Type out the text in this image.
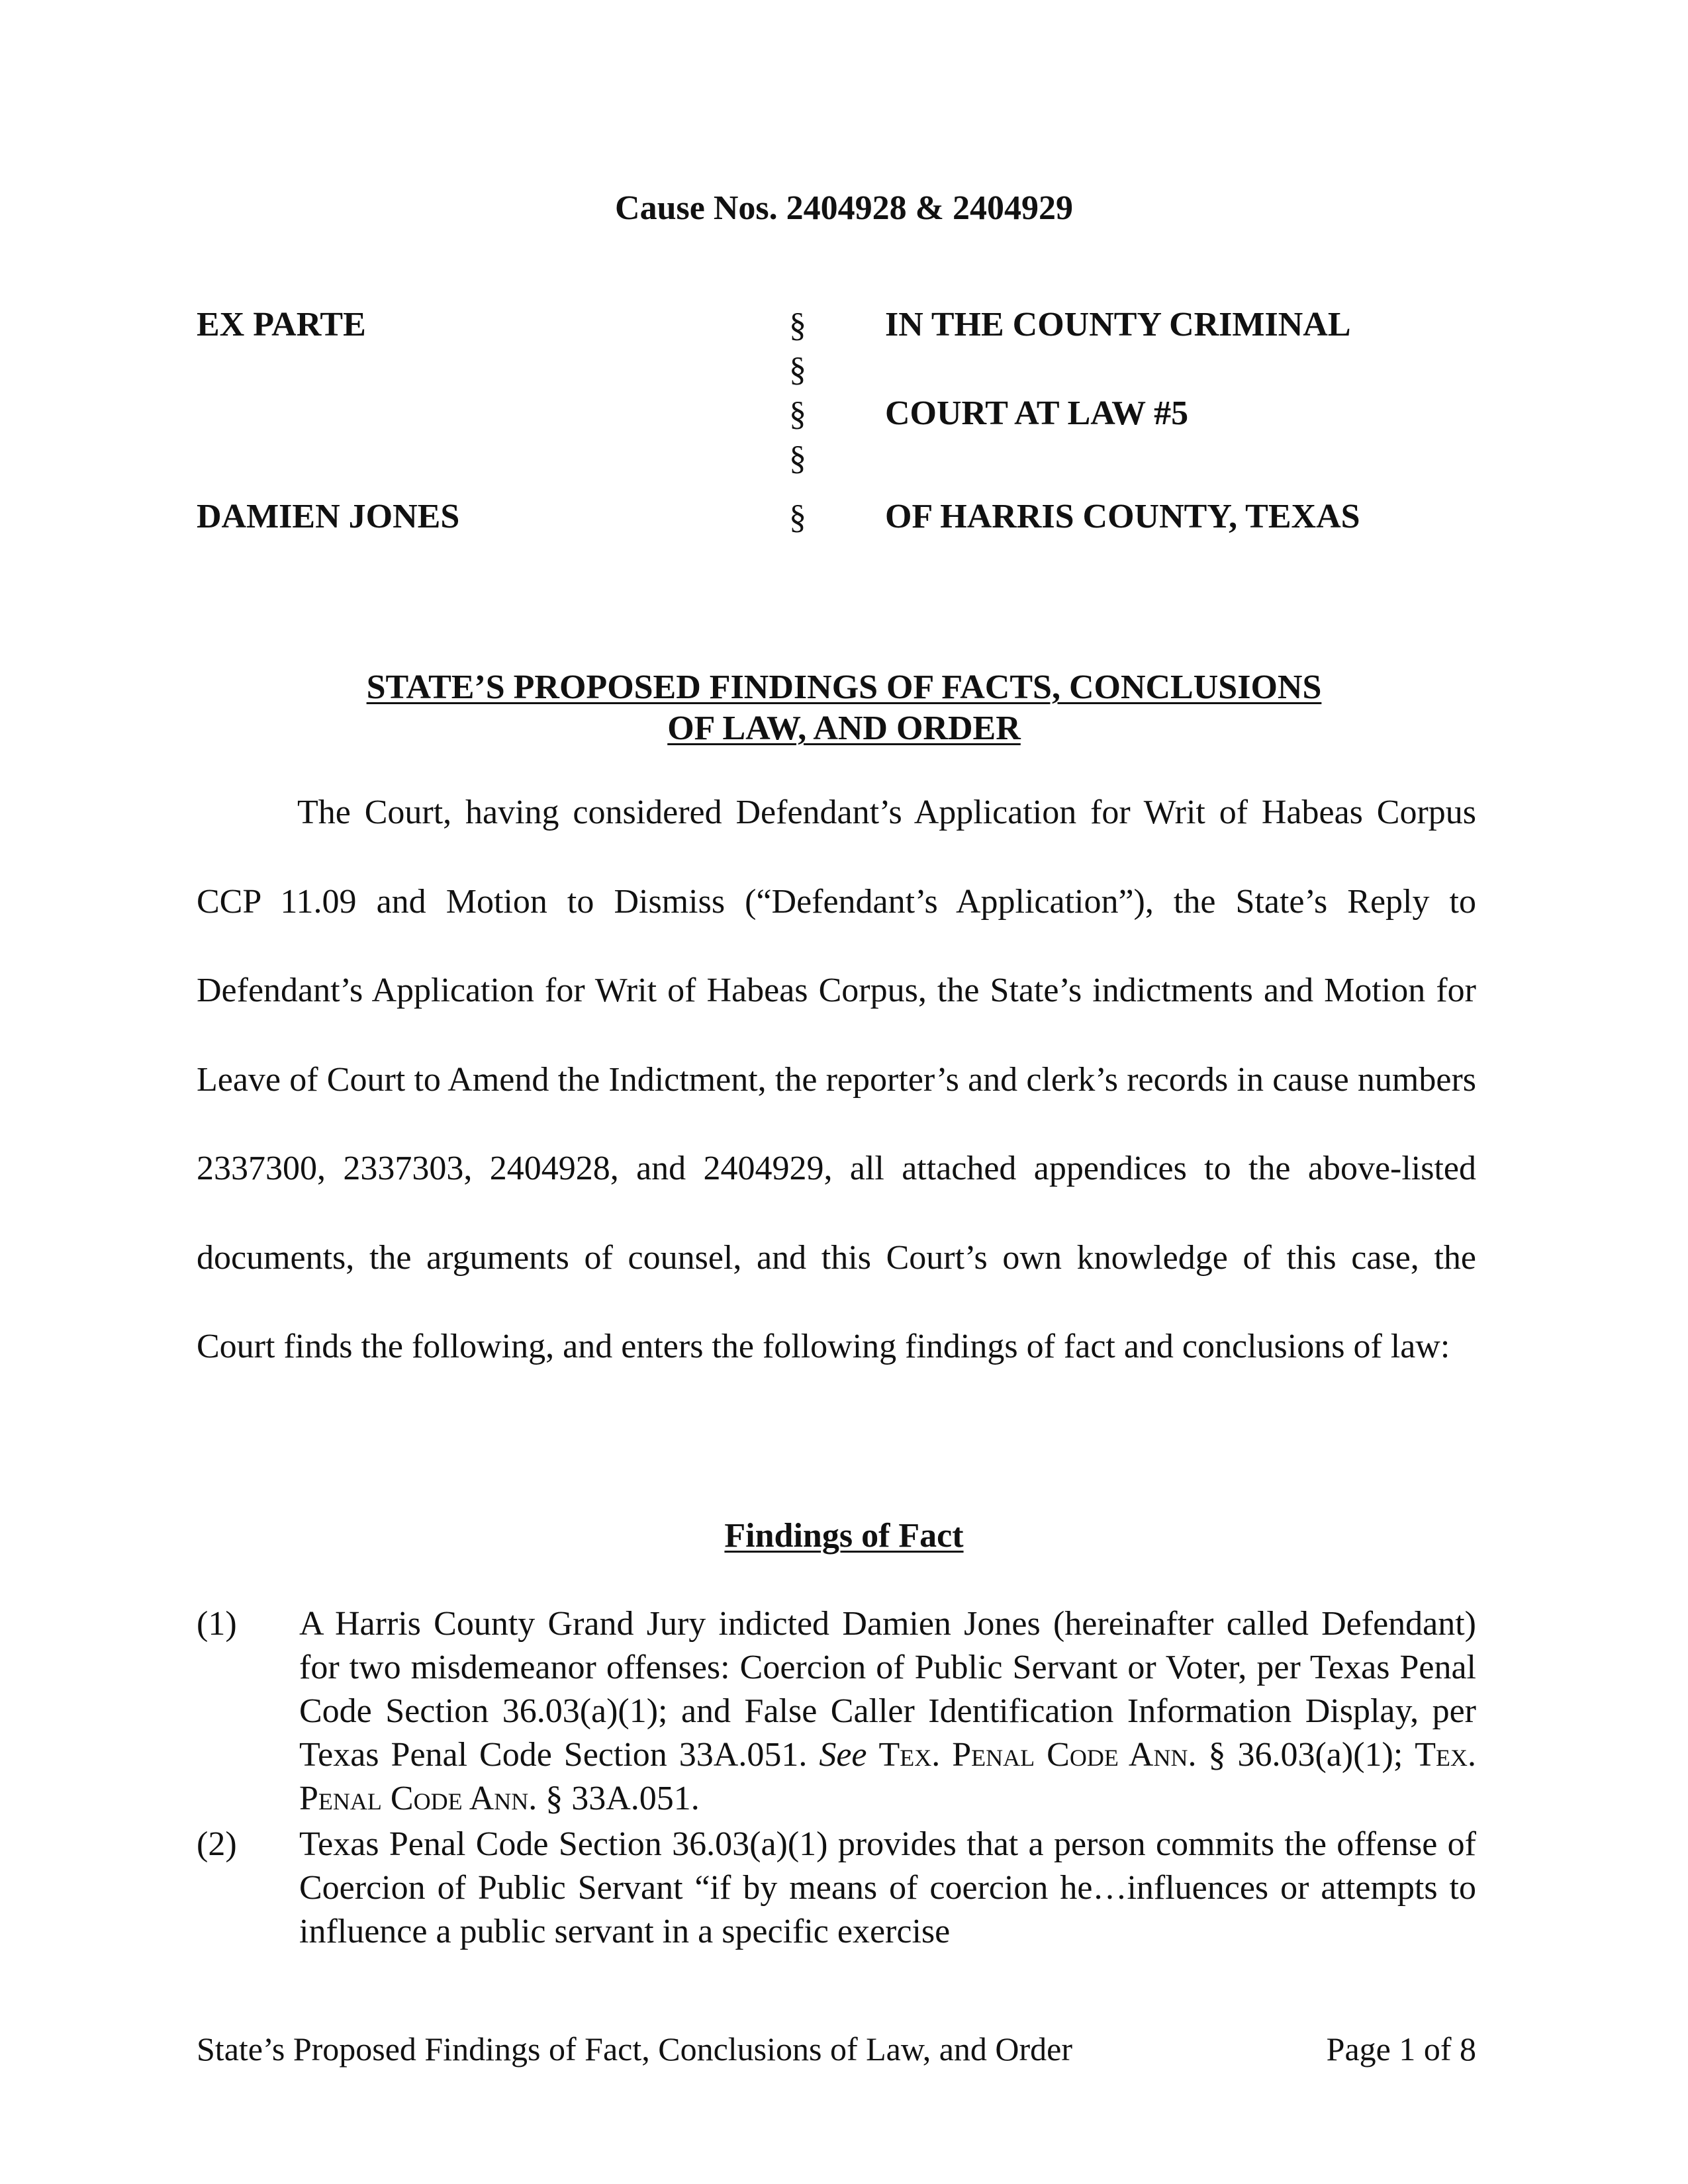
Cause Nos. 2404928 & 2404929
EX PARTE
DAMIEN JONES
§
§
§
§
§
IN THE COUNTY CRIMINAL
COURT AT LAW #5
OF HARRIS COUNTY, TEXAS
STATE’S PROPOSED FINDINGS OF FACTS, CONCLUSIONS
OF LAW, AND ORDER

The Court, having considered Defendant’s Application for Writ of Habeas Corpus CCP 11.09 and Motion to Dismiss (“Defendant’s Application”), the State’s Reply to Defendant’s Application for Writ of Habeas Corpus, the State’s indictments and Motion for Leave of Court to Amend the Indictment, the reporter’s and clerk’s records in cause numbers 2337300, 2337303, 2404928, and 2404929, all attached appendices to the above-listed documents, the arguments of counsel, and this Court’s own knowledge of this case, the Court finds the following, and enters the following findings of fact and conclusions of law:

Findings of Fact
(1) A Harris County Grand Jury indicted Damien Jones (hereinafter called Defendant) for two misdemeanor offenses: Coercion of Public Servant or Voter, per Texas Penal Code Section 36.03(a)(1); and False Caller Identification Information Display, per Texas Penal Code Section 33A.051. See Tex. Penal Code Ann. § 36.03(a)(1); Tex. Penal Code Ann. § 33A.051.

(2) Texas Penal Code Section 36.03(a)(1) provides that a person commits the offense of Coercion of Public Servant “if by means of coercion he…influences or attempts to influence a public servant in a specific exercise

State’s Proposed Findings of Fact, Conclusions of Law, and Order	Page 1 of 8
